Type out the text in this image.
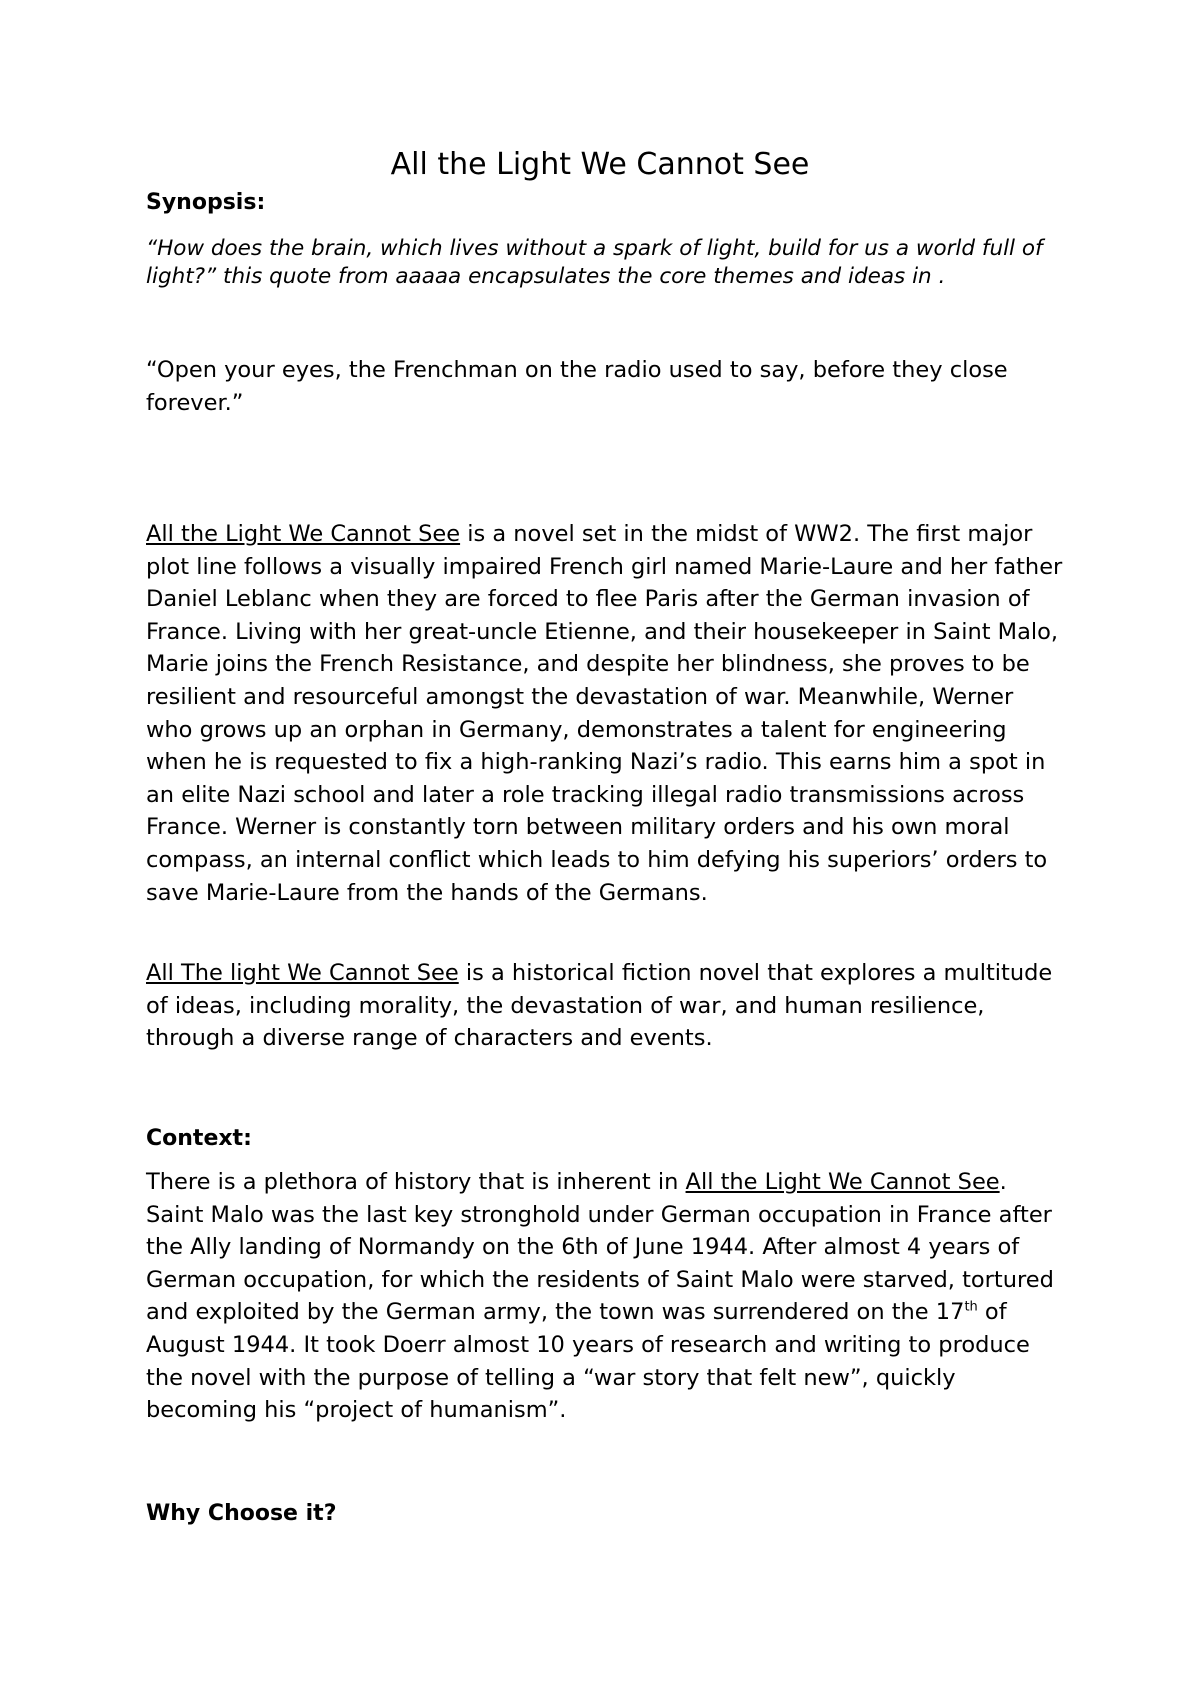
All the Light We Cannot See

Synopsis:

“How does the brain, which lives without a spark of light, build for us a world full of light?” this quote from aaaaa encapsulates the core themes and ideas in .

“Open your eyes, the Frenchman on the radio used to say, before they close forever.”

All the Light We Cannot See is a novel set in the midst of WW2. The first major plot line follows a visually impaired French girl named Marie-Laure and her father Daniel Leblanc when they are forced to flee Paris after the German invasion of France. Living with her great-uncle Etienne, and their housekeeper in Saint Malo, Marie joins the French Resistance, and despite her blindness, she proves to be resilient and resourceful amongst the devastation of war. Meanwhile, Werner who grows up an orphan in Germany, demonstrates a talent for engineering when he is requested to fix a high-ranking Nazi’s radio. This earns him a spot in an elite Nazi school and later a role tracking illegal radio transmissions across France. Werner is constantly torn between military orders and his own moral compass, an internal conflict which leads to him defying his superiors’ orders to save Marie-Laure from the hands of the Germans.

All The light We Cannot See is a historical fiction novel that explores a multitude of ideas, including morality, the devastation of war, and human resilience, through a diverse range of characters and events.

Context:

There is a plethora of history that is inherent in All the Light We Cannot See. Saint Malo was the last key stronghold under German occupation in France after the Ally landing of Normandy on the 6th of June 1944. After almost 4 years of German occupation, for which the residents of Saint Malo were starved, tortured and exploited by the German army, the town was surrendered on the 17th of August 1944. It took Doerr almost 10 years of research and writing to produce the novel with the purpose of telling a “war story that felt new”, quickly becoming his “project of humanism”.

Why Choose it?
